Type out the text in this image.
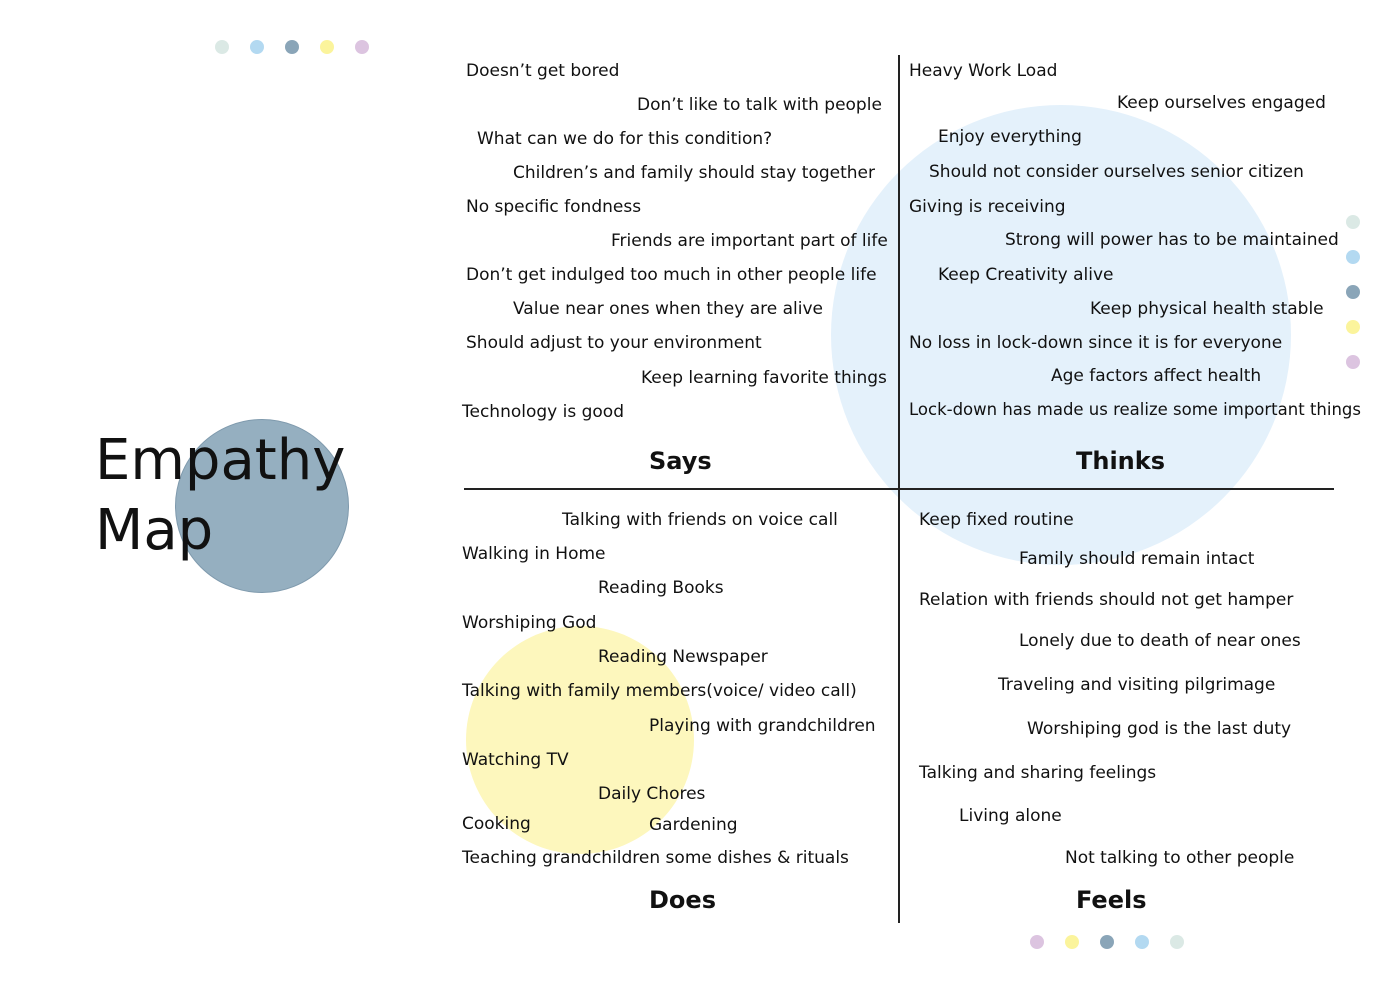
Empathy
Map
Doesn’t get bored
Don’t like to talk with people
What can we do for this condition?
Children’s and family should stay together
No specific fondness
Friends are important part of life
Don’t get indulged too much in other people life
Value near ones when they are alive
Should adjust to your environment
Keep learning favorite things
Technology is good
Says
Heavy Work Load
Keep ourselves engaged
Enjoy everything
Should not consider ourselves senior citizen
Giving is receiving
Strong will power has to be maintained
Keep Creativity alive
Keep physical health stable
No loss in lock-down since it is for everyone
Age factors affect health
Lock-down has made us realize some important things
Thinks
Talking with friends on voice call
Walking in Home
Reading Books
Worshiping God
Reading Newspaper
Talking with family members(voice/ video call)
Playing with grandchildren
Watching TV
Daily Chores
Cooking	Gardening
Teaching grandchildren some dishes & rituals
Does
Keep fixed routine
Family should remain intact
Relation with friends should not get hamper
Lonely due to death of near ones
Traveling and visiting pilgrimage
Worshiping god is the last duty
Talking and sharing feelings
Living alone
Not talking to other people
Feels
